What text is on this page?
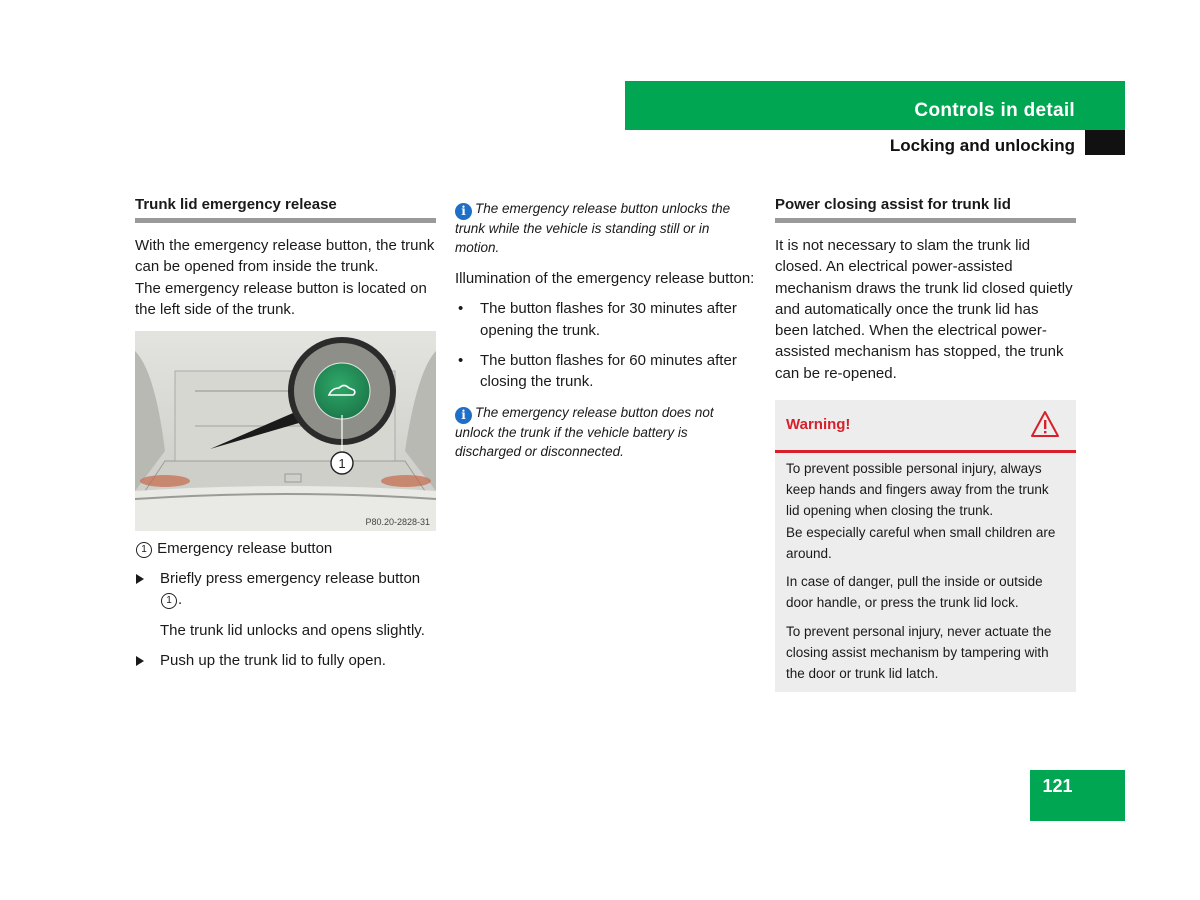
Controls in detail
Locking and unlocking
Trunk lid emergency release

With the emergency release button, the trunk can be opened from inside the trunk.

The emergency release button is located on the left side of the trunk.

1
P80.20-2828-31
1 Emergency release button
Briefly press emergency release button 1 .
The trunk lid unlocks and opens slightly.
Push up the trunk lid to fully open.
i The emergency release button unlocks the trunk while the vehicle is standing still or in motion.

Illumination of the emergency release button:

• The button flashes for 30 minutes after opening the trunk.
• The button flashes for 60 minutes after closing the trunk.
i The emergency release button does not unlock the trunk if the vehicle battery is discharged or disconnected.
Power closing assist for trunk lid

It is not necessary to slam the trunk lid closed. An electrical power-assisted mechanism draws the trunk lid closed quietly and automatically once the trunk lid has been latched. When the electrical power-assisted mechanism has stopped, the trunk can be re-opened.

Warning!

To prevent possible personal injury, always keep hands and fingers away from the trunk lid opening when closing the trunk.

Be especially careful when small children are around.

In case of danger, pull the inside or outside door handle, or press the trunk lid lock.

To prevent personal injury, never actuate the closing assist mechanism by tampering with the door or trunk lid latch.

121
